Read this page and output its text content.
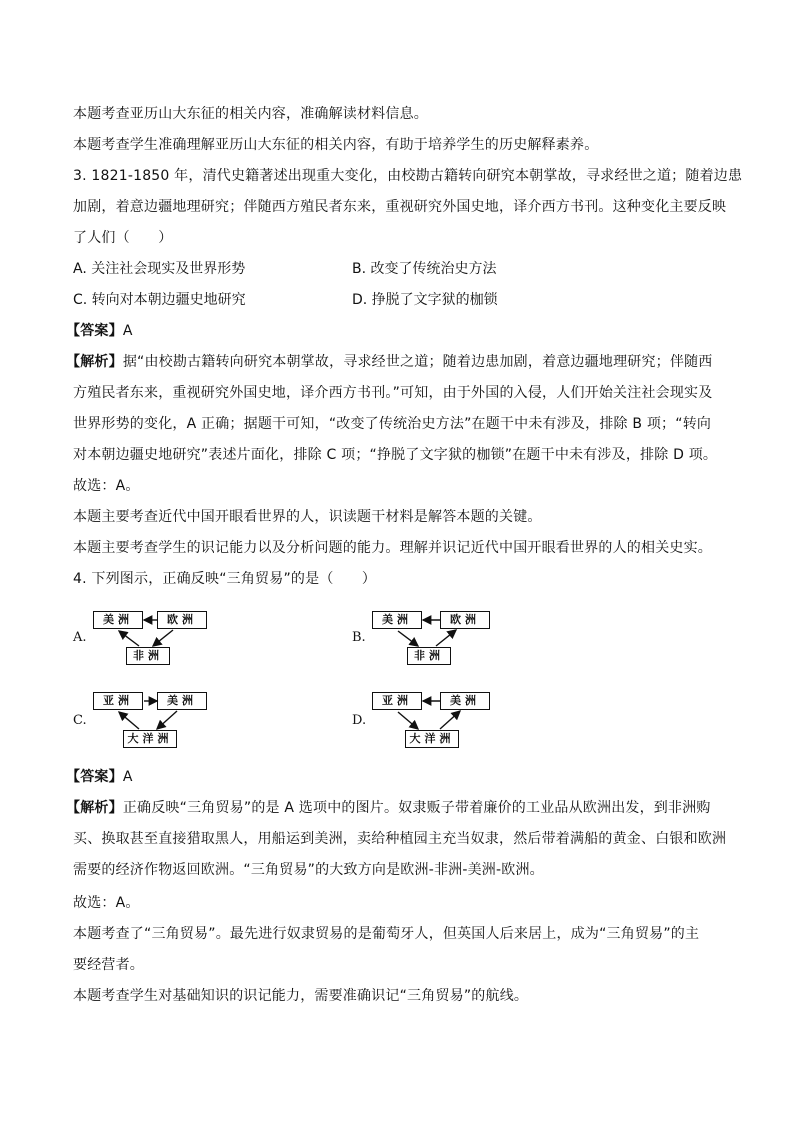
本题考查亚历山大东征的相关内容，准确解读材料信息。
本题考查学生准确理解亚历山大东征的相关内容，有助于培养学生的历史解释素养。
3. 1821-1850 年，清代史籍著述出现重大变化，由校勘古籍转向研究本朝掌故，寻求经世之道；随着边患
加剧，着意边疆地理研究；伴随西方殖民者东来，重视研究外国史地，译介西方书刊。这种变化主要反映
了人们（　　）
A. 关注社会现实及世界形势	B. 改变了传统治史方法
C. 转向对本朝边疆史地研究	D. 挣脱了文字狱的枷锁
【答案】A
【解析】据“由校勘古籍转向研究本朝掌故，寻求经世之道；随着边患加剧，着意边疆地理研究；伴随西
方殖民者东来，重视研究外国史地，译介西方书刊。”可知，由于外国的入侵，人们开始关注社会现实及
世界形势的变化，A 正确；据题干可知，“改变了传统治史方法”在题干中未有涉及，排除 B 项；“转向
对本朝边疆史地研究”表述片面化，排除 C 项；“挣脱了文字狱的枷锁”在题干中未有涉及，排除 D 项。
故选：A。
本题主要考查近代中国开眼看世界的人，识读题干材料是解答本题的关键。
本题主要考查学生的识记能力以及分析问题的能力。理解并识记近代中国开眼看世界的人的相关史实。
4. 下列图示，正确反映“三角贸易”的是（　　）
A.
美洲	欧洲
非洲
B.
美洲	欧洲
非洲
C.
亚洲	美洲
大洋洲
D.
亚洲	美洲
大洋洲
【答案】A
【解析】正确反映“三角贸易”的是 A 选项中的图片。奴隶贩子带着廉价的工业品从欧洲出发，到非洲购
买、换取甚至直接猎取黑人，用船运到美洲，卖给种植园主充当奴隶，然后带着满船的黄金、白银和欧洲
需要的经济作物返回欧洲。“三角贸易”的大致方向是欧洲-非洲-美洲-欧洲。
故选：A。
本题考查了“三角贸易”。最先进行奴隶贸易的是葡萄牙人，但英国人后来居上，成为“三角贸易”的主
要经营者。
本题考查学生对基础知识的识记能力，需要准确识记“三角贸易”的航线。
